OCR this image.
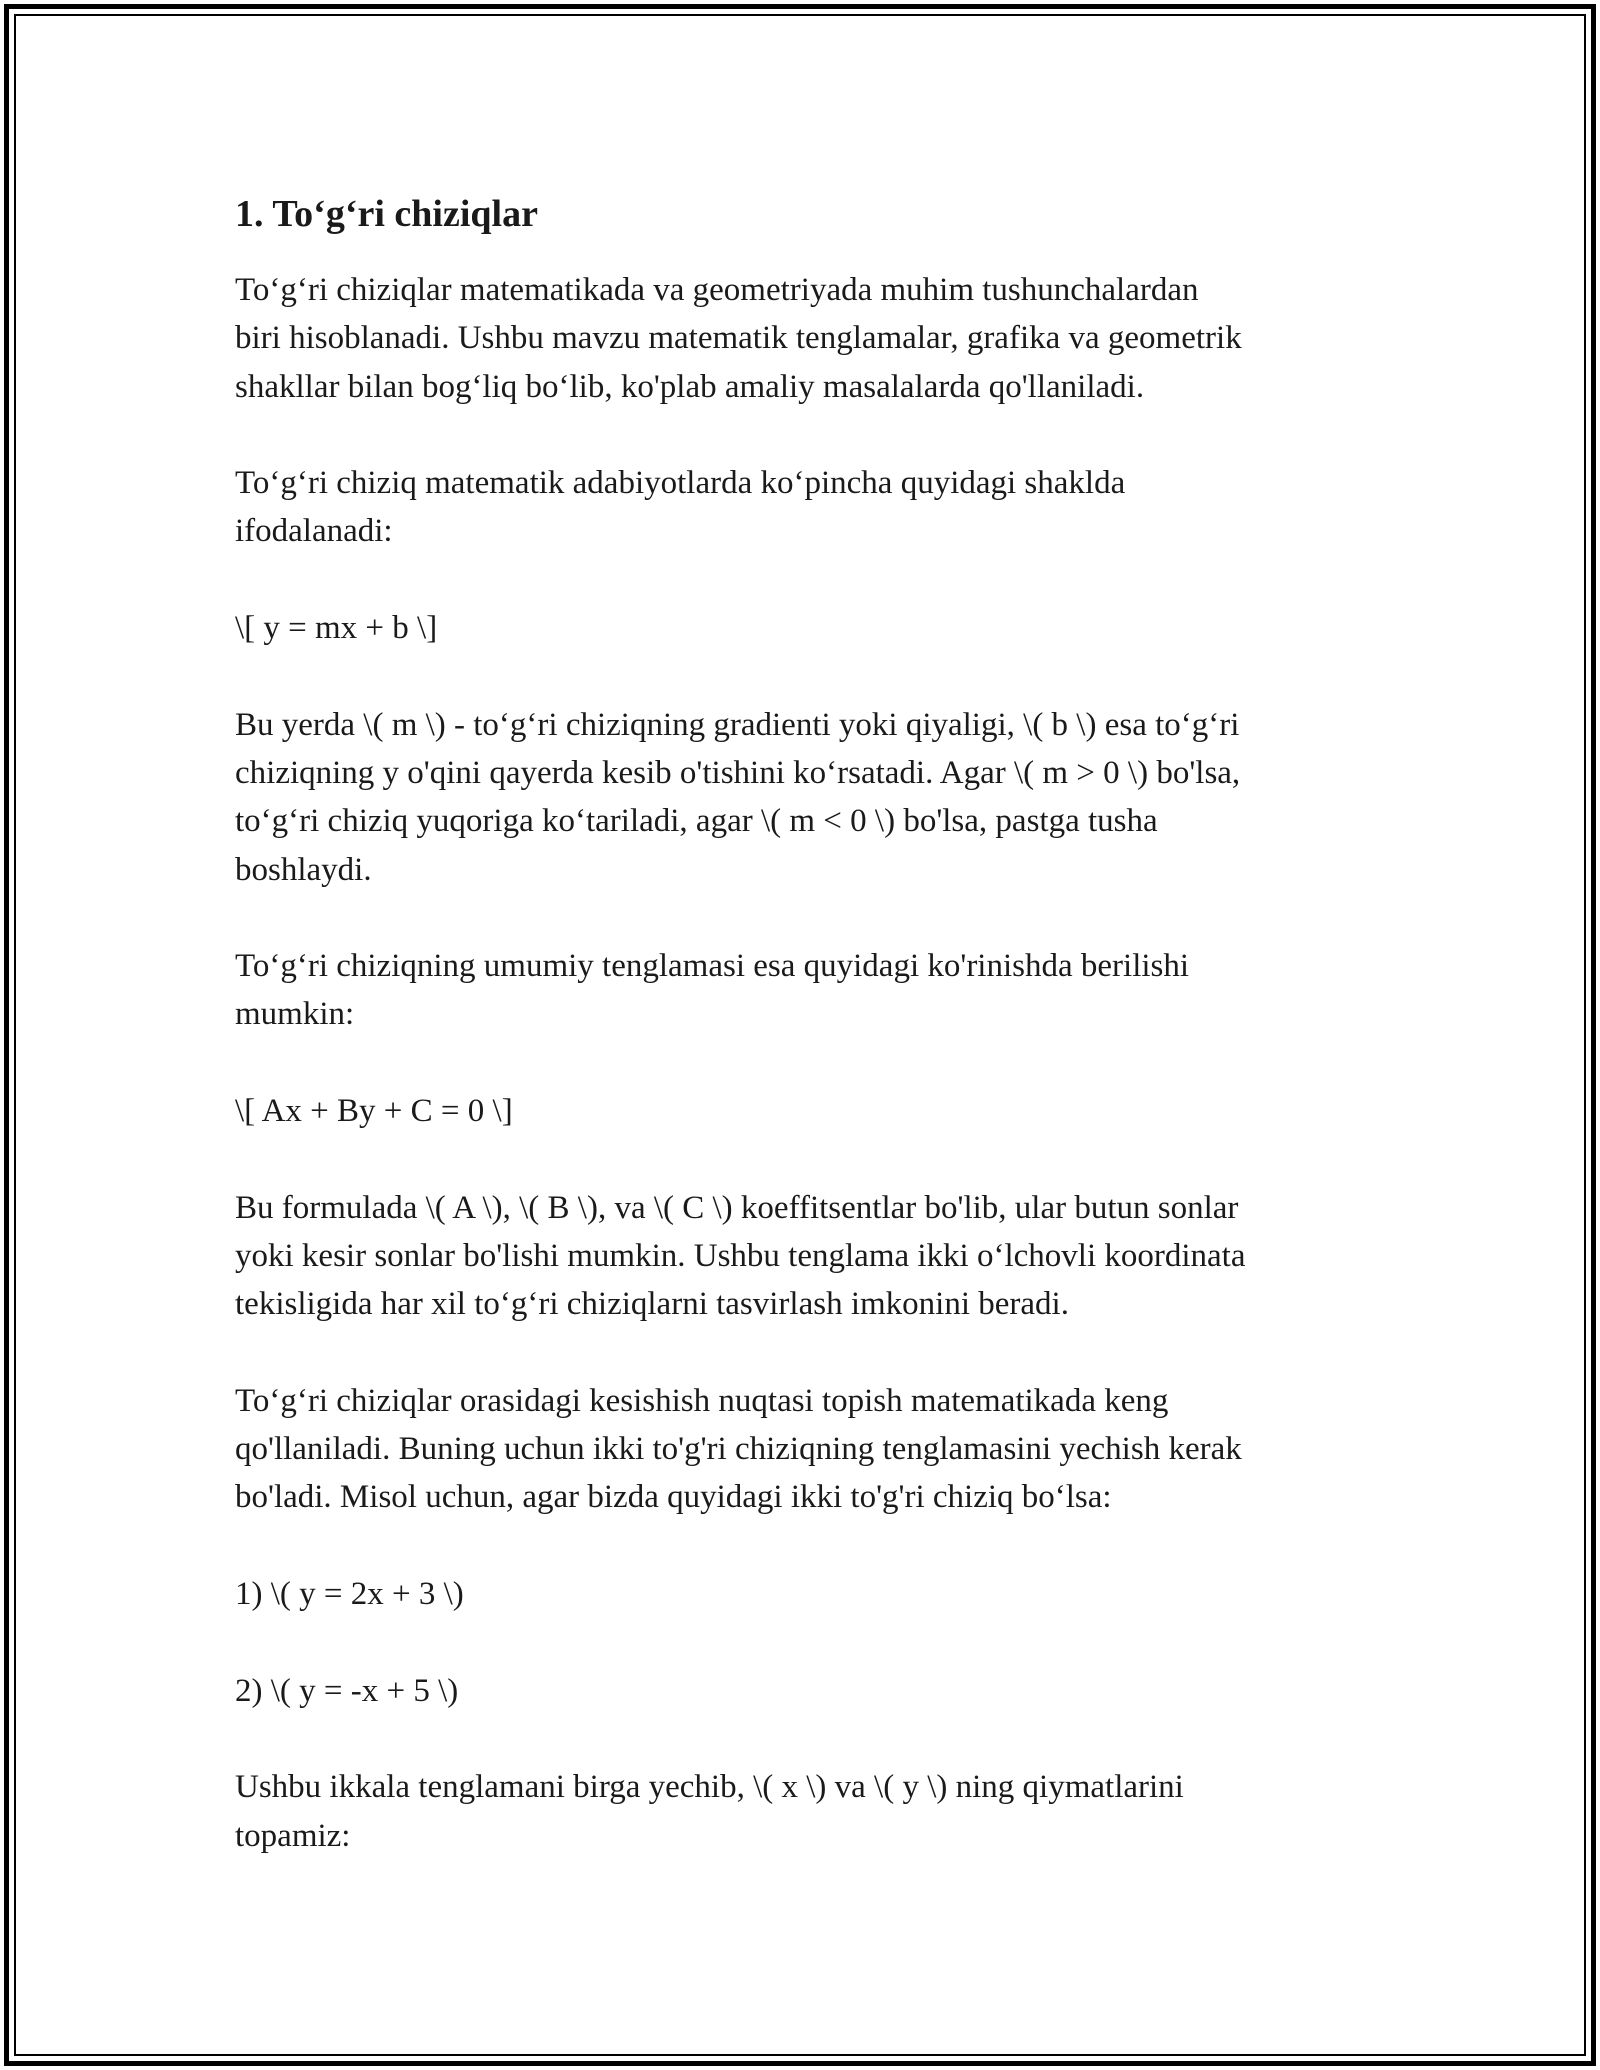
1. To‘g‘ri chiziqlar

To‘g‘ri chiziqlar matematikada va geometriyada muhim tushunchalardan
biri hisoblanadi. Ushbu mavzu matematik tenglamalar, grafika va geometrik
shakllar bilan bog‘liq bo‘lib, ko'plab amaliy masalalarda qo'llaniladi.

To‘g‘ri chiziq matematik adabiyotlarda ko‘pincha quyidagi shaklda
ifodalanadi:

\[ y = mx + b \]

Bu yerda \( m \) - to‘g‘ri chiziqning gradienti yoki qiyaligi, \( b \) esa to‘g‘ri
chiziqning y o'qini qayerda kesib o'tishini ko‘rsatadi. Agar \( m > 0 \) bo'lsa,
to‘g‘ri chiziq yuqoriga ko‘tariladi, agar \( m < 0 \) bo'lsa, pastga tusha
boshlaydi.

To‘g‘ri chiziqning umumiy tenglamasi esa quyidagi ko'rinishda berilishi
mumkin:

\[ Ax + By + C = 0 \]

Bu formulada \( A \), \( B \), va \( C \) koeffitsentlar bo'lib, ular butun sonlar
yoki kesir sonlar bo'lishi mumkin. Ushbu tenglama ikki o‘lchovli koordinata
tekisligida har xil to‘g‘ri chiziqlarni tasvirlash imkonini beradi.

To‘g‘ri chiziqlar orasidagi kesishish nuqtasi topish matematikada keng
qo'llaniladi. Buning uchun ikki to'g'ri chiziqning tenglamasini yechish kerak
bo'ladi. Misol uchun, agar bizda quyidagi ikki to'g'ri chiziq bo‘lsa:

1) \( y = 2x + 3 \)

2) \( y = -x + 5 \)

Ushbu ikkala tenglamani birga yechib, \( x \) va \( y \) ning qiymatlarini
topamiz:
